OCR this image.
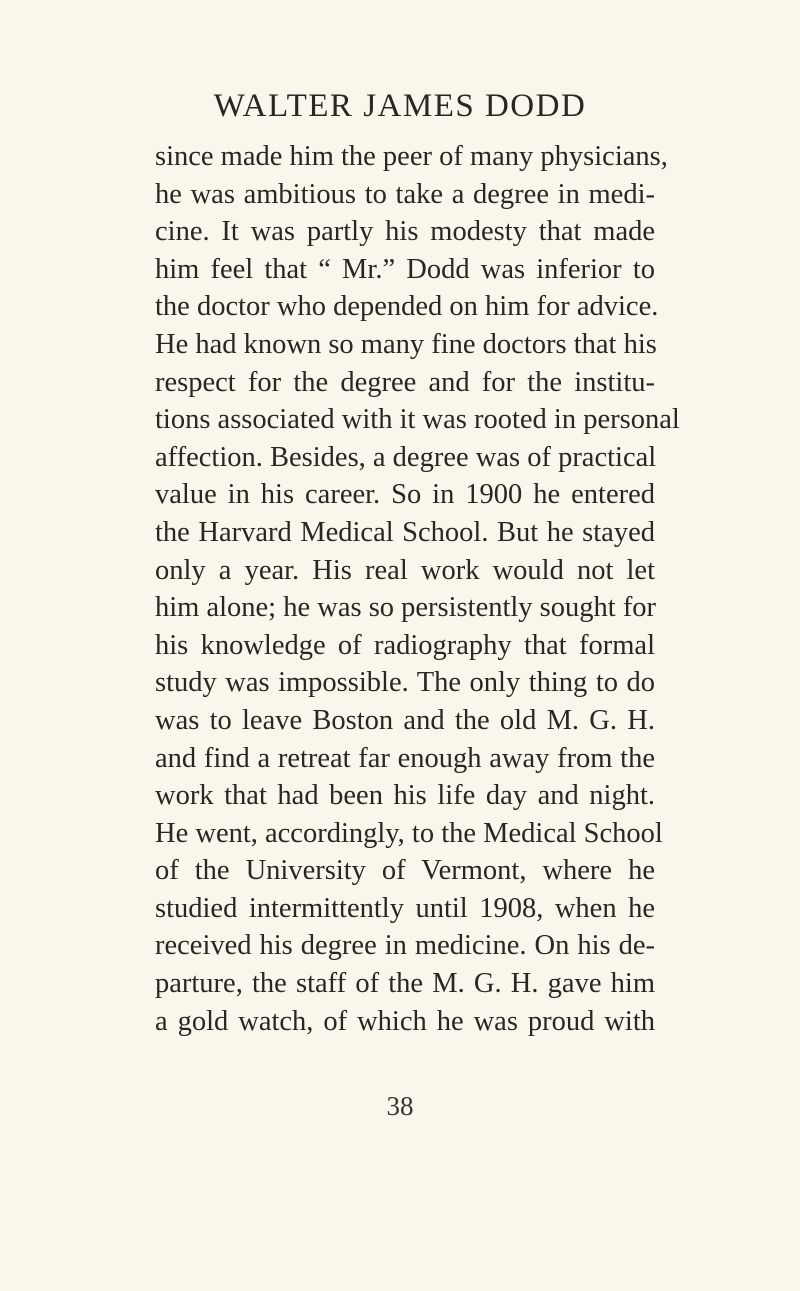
WALTER JAMES DODD
since made him the peer of many physicians,
he was ambitious to take a degree in medi-
cine. It was partly his modesty that made
him feel that “ Mr.” Dodd was inferior to
the doctor who depended on him for advice.
He had known so many fine doctors that his
respect for the degree and for the institu-
tions associated with it was rooted in personal
affection. Besides, a degree was of practical
value in his career. So in 1900 he entered
the Harvard Medical School. But he stayed
only a year. His real work would not let
him alone; he was so persistently sought for
his knowledge of radiography that formal
study was impossible. The only thing to do
was to leave Boston and the old M. G. H.
and find a retreat far enough away from the
work that had been his life day and night.
He went, accordingly, to the Medical School
of the University of Vermont, where he
studied intermittently until 1908, when he
received his degree in medicine. On his de-
parture, the staff of the M. G. H. gave him
a gold watch, of which he was proud with
38
